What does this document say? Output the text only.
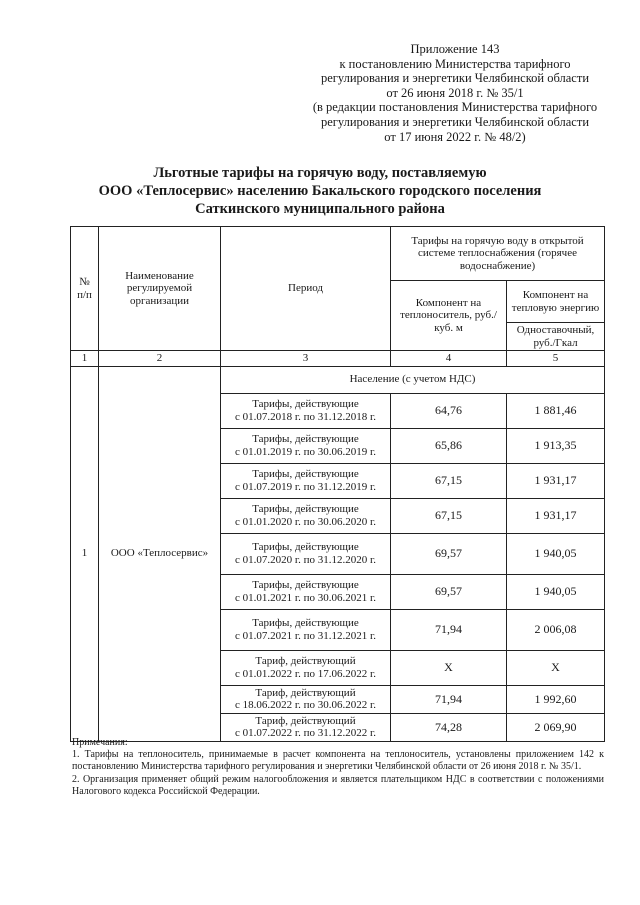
Приложение 143
к постановлению Министерства тарифного
регулирования и энергетики Челябинской области
от 26 июня 2018 г. № 35/1
(в редакции постановления Министерства тарифного
регулирования и энергетики Челябинской области
от 17 июня 2022 г. № 48/2)
Льготные тарифы на горячую воду, поставляемую
ООО «Теплосервис» населению Бакальского городского поселения
Саткинского муниципального района
№ п/п	Наименование регулируемой организации	Период	Тарифы на горячую воду в открытой системе теплоснабжения (горячее водоснабжение)	
			Компонент на теплоноситель, руб./куб. м	Компонент на тепловую энергию
				Одноставочный, руб./Гкал
1	2	3	4	5
1	ООО «Теплосервис»	Население (с учетом НДС)		

		Тарифы, действующие
с 01.07.2018 г. по 31.12.2018 г.	64,76	1 881,46

		Тарифы, действующие
с 01.01.2019 г. по 30.06.2019 г.	65,86	1 913,35

		Тарифы, действующие
с 01.07.2019 г. по 31.12.2019 г.	67,15	1 931,17

		Тарифы, действующие
с 01.01.2020 г. по 30.06.2020 г.	67,15	1 931,17

		Тарифы, действующие
с 01.07.2020 г. по 31.12.2020 г.	69,57	1 940,05

		Тарифы, действующие
с 01.01.2021 г. по 30.06.2021 г.	69,57	1 940,05

		Тарифы, действующие
с 01.07.2021 г. по 31.12.2021 г.	71,94	2 006,08

		Тариф, действующий
с 01.01.2022 г. по 17.06.2022 г.	Х	Х

		Тариф, действующий
с 18.06.2022 г. по 30.06.2022 г.	71,94	1 992,60

		Тариф, действующий
с 01.07.2022 г. по 31.12.2022 г.	74,28	2 069,90

Примечания:

1. Тарифы на теплоноситель, принимаемые в расчет компонента на теплоноситель, установлены приложением 142 к постановлению Министерства тарифного регулирования и энергетики Челябинской области от 26 июня 2018 г. № 35/1.

2. Организация применяет общий режим налогообложения и является плательщиком НДС в соответствии с положениями Налогового кодекса Российской Федерации.
